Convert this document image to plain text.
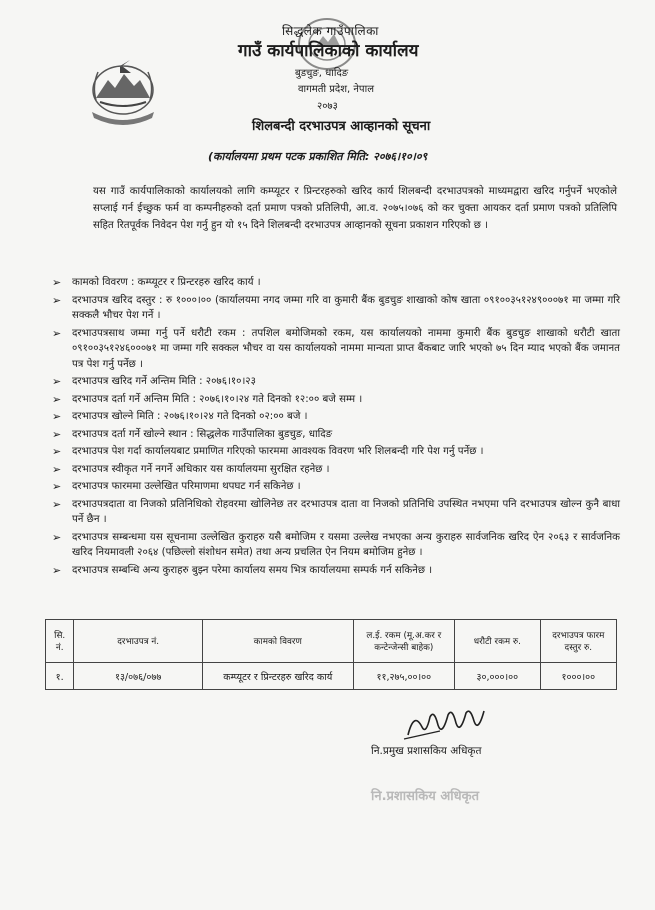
सिद्धलेक गाउँपालिका
गाउँ कार्यपालिकाको कार्यालय
बुडचुङ, धादिङ
वागमती प्रदेश, नेपाल
२०७३
शिलबन्दी दरभाउपत्र आव्हानको सूचना
(कार्यालयमा प्रथम पटक प्रकाशित मिति: २०७६।१०।०९
यस गाउँ कार्यपालिकाको कार्यालयको लागि कम्प्यूटर र प्रिन्टरहरुको खरिद कार्य शिलबन्दी दरभाउपत्रको माध्यमद्वारा खरिद गर्नुपर्ने भएकोले सप्लाई गर्न ईच्छुक फर्म वा कम्पनीहरुको दर्ता प्रमाण पत्रको प्रतिलिपी, आ.व. २०७५।०७६ को कर चुक्ता आयकर दर्ता प्रमाण पत्रको प्रतिलिपि सहित रितपूर्वक निवेदन पेश गर्नु हुन यो १५ दिने शिलबन्दी दरभाउपत्र आव्हानको सूचना प्रकाशन गरिएको छ ।
➢ कामको विवरण : कम्प्यूटर र प्रिन्टरहरु खरिद कार्य ।
➢ दरभाउपत्र खरिद दस्तुर : रु १०००।०० (कार्यालयमा नगद जम्मा गरि वा कुमारी बैंक बुडचुङ शाखाको कोष खाता ०९१००३५१२४९०००७१ मा जम्मा गरि सक्कलै भौचर पेश गर्ने ।
➢ दरभाउपत्रसाथ जम्मा गर्नु पर्ने धरौटी रकम : तपशिल बमोजिमको रकम, यस कार्यालयको नाममा कुमारी बैंक बुडचुङ शाखाको धरौटी खाता ०९१००३५१२४६०००७१ मा जम्मा गरि सक्कल भौचर वा यस कार्यालयको नाममा मान्यता प्राप्त बैंकबाट जारि भएको ७५ दिन म्याद भएको बैंक जमानत पत्र पेश गर्नु पर्नेछ ।
➢ दरभाउपत्र खरिद गर्ने अन्तिम मिति : २०७६।१०।२३
➢ दरभाउपत्र दर्ता गर्ने अन्तिम मिति : २०७६।१०।२४ गते दिनको १२:०० बजे सम्म ।
➢ दरभाउपत्र खोल्ने मिति : २०७६।१०।२४ गते दिनको ०२:०० बजे ।
➢ दरभाउपत्र दर्ता गर्ने खोल्ने स्थान : सिद्धलेक गाउँपालिका बुडचुङ, धादिङ
➢ दरभाउपत्र पेश गर्दा कार्यालयबाट प्रमाणित गरिएको फारममा आवश्यक विवरण भरि शिलबन्दी गरि पेश गर्नु पर्नेछ ।
➢ दरभाउपत्र स्वीकृत गर्ने नगर्ने अधिकार यस कार्यालयमा सुरक्षित रहनेछ ।
➢ दरभाउपत्र फारममा उल्लेखित परिमाणमा थपघट गर्न सकिनेछ ।
➢ दरभाउपत्रदाता वा निजको प्रतिनिधिको रोहवरमा खोलिनेछ तर दरभाउपत्र दाता वा निजको प्रतिनिधि उपस्थित नभएमा पनि दरभाउपत्र खोल्न कुनै बाधा पर्ने छैन ।
➢ दरभाउपत्र सम्बन्धमा यस सूचनामा उल्लेखित कुराहरु यसै बमोजिम र यसमा उल्लेख नभएका अन्य कुराहरु सार्वजनिक खरिद ऐन २०६३ र सार्वजनिक खरिद नियमावली २०६४ (पछिल्लो संशोधन समेत) तथा अन्य प्रचलित ऐन नियम बमोजिम हुनेछ ।
➢ दरभाउपत्र सम्बन्धि अन्य कुराहरु बुझ्न परेमा कार्यालय समय भित्र कार्यालयमा सम्पर्क गर्न सकिनेछ ।
सि. नं.	दरभाउपत्र नं.	कामको विवरण	ल.ई. रकम (मू.अ.कर र कन्टेन्जेन्सी बाहेक)	धरौटी रकम रु.	दरभाउपत्र फारम दस्तुर रु.
१.	१३/०७६/०७७	कम्प्यूटर र प्रिन्टरहरु खरिद कार्य	११,२७५,००।००	३०,०००।००	१०००।००
नि.प्रमुख प्रशासकिय अधिकृत
नि.प्रशासकिय अधिकृत
